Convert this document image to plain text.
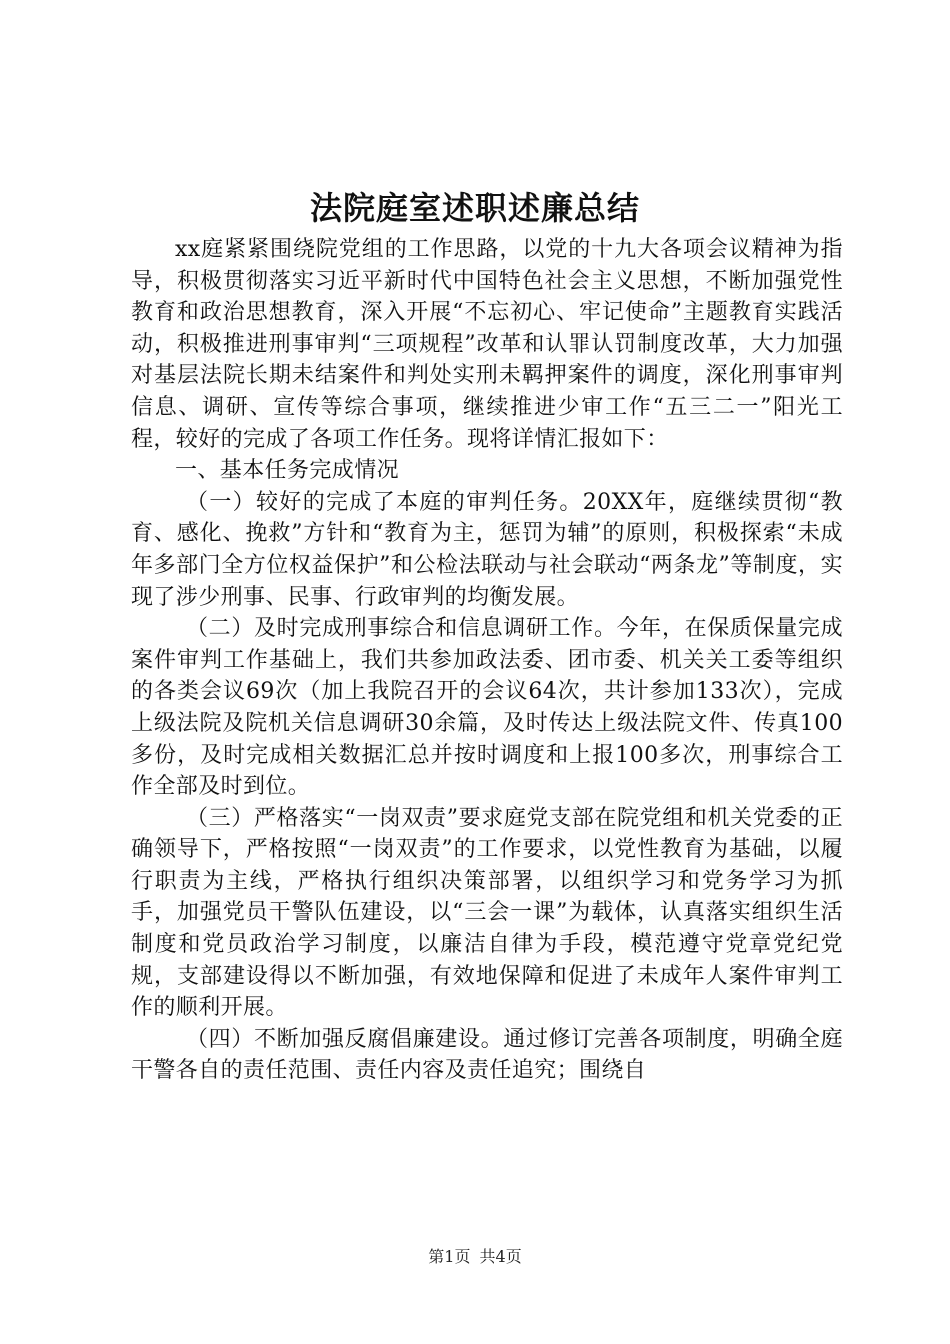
法院庭室述职述廉总结

xx庭紧紧围绕院党组的工作思路，以党的十九大各项会议精神为指导，积极贯彻落实习近平新时代中国特色社会主义思想，不断加强党性教育和政治思想教育，深入开展“不忘初心、牢记使命”主题教育实践活动，积极推进刑事审判“三项规程”改革和认罪认罚制度改革，大力加强对基层法院长期未结案件和判处实刑未羁押案件的调度，深化刑事审判信息、调研、宣传等综合事项，继续推进少审工作“五三二一”阳光工程，较好的完成了各项工作任务。现将详情汇报如下：

一、基本任务完成情况

（一）较好的完成了本庭的审判任务。20XX年，庭继续贯彻“教育、感化、挽救”方针和“教育为主，惩罚为辅”的原则，积极探索“未成年多部门全方位权益保护”和公检法联动与社会联动“两条龙”等制度，实现了涉少刑事、民事、行政审判的均衡发展。

（二）及时完成刑事综合和信息调研工作。今年，在保质保量完成案件审判工作基础上，我们共参加政法委、团市委、机关关工委等组织的各类会议69次（加上我院召开的会议64次，共计参加133次），完成上级法院及院机关信息调研30余篇，及时传达上级法院文件、传真100多份，及时完成相关数据汇总并按时调度和上报100多次，刑事综合工作全部及时到位。

（三）严格落实“一岗双责”要求庭党支部在院党组和机关党委的正确领导下，严格按照“一岗双责”的工作要求，以党性教育为基础，以履行职责为主线，严格执行组织决策部署，以组织学习和党务学习为抓手，加强党员干警队伍建设，以“三会一课”为载体，认真落实组织生活制度和党员政治学习制度，以廉洁自律为手段，模范遵守党章党纪党规，支部建设得以不断加强，有效地保障和促进了未成年人案件审判工作的顺利开展。

（四）不断加强反腐倡廉建设。通过修订完善各项制度，明确全庭干警各自的责任范围、责任内容及责任追究；围绕自

第1页 共4页
